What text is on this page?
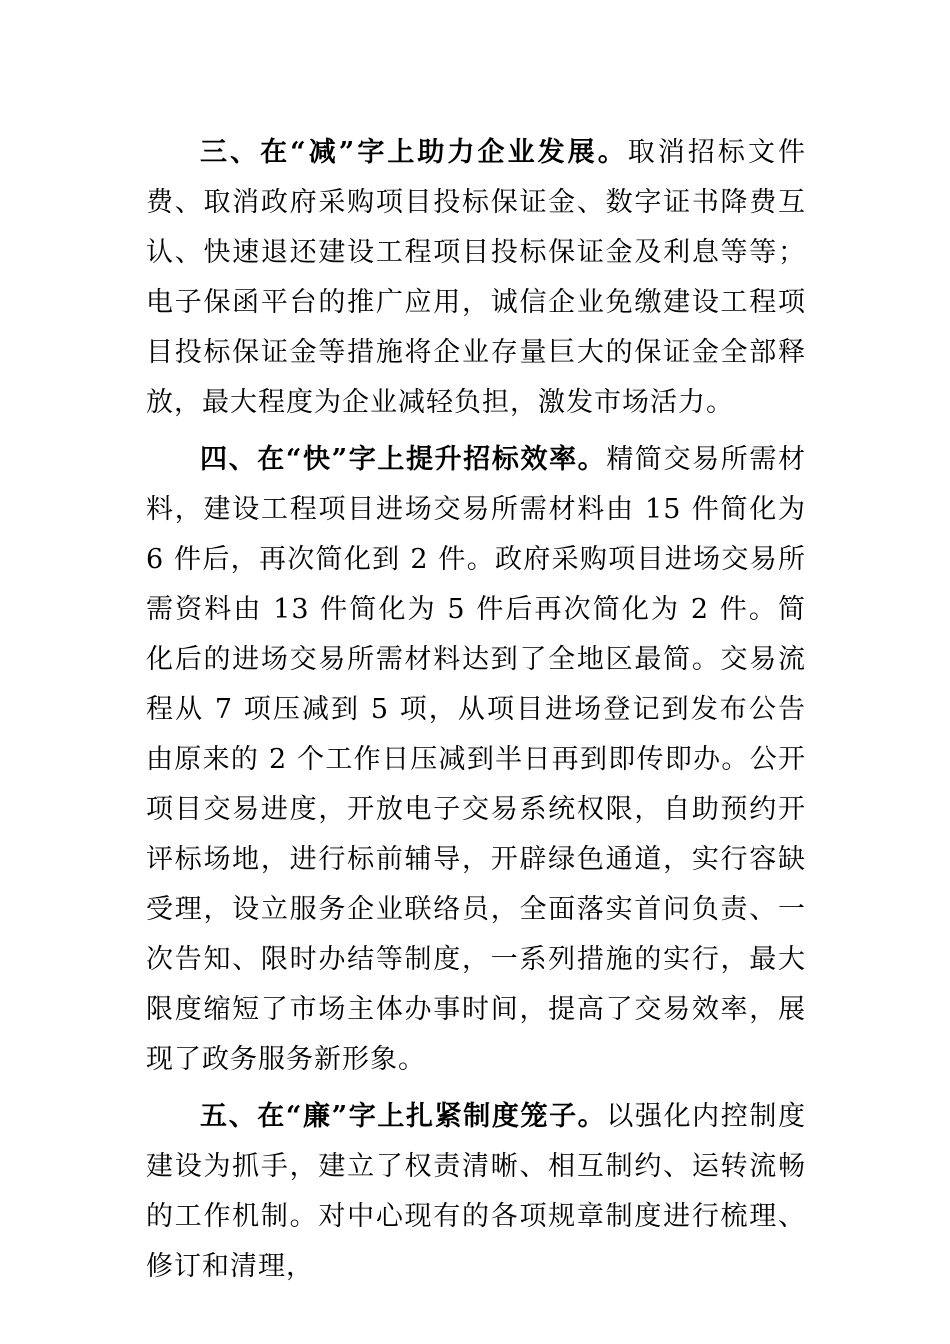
三、在“减”字上助力企业发展。取消招标文件费、取消政府采购项目投标保证金、数字证书降费互认、快速退还建设工程项目投标保证金及利息等等；电子保函平台的推广应用，诚信企业免缴建设工程项目投标保证金等措施将企业存量巨大的保证金全部释放，最大程度为企业减轻负担，激发市场活力。

四、在“快”字上提升招标效率。精简交易所需材料，建设工程项目进场交易所需材料由 15 件简化为 6 件后，再次简化到 2 件。政府采购项目进场交易所需资料由 13 件简化为 5 件后再次简化为 2 件。简化后的进场交易所需材料达到了全地区最简。交易流程从 7 项压减到 5 项，从项目进场登记到发布公告由原来的 2 个工作日压减到半日再到即传即办。公开项目交易进度，开放电子交易系统权限，自助预约开评标场地，进行标前辅导，开辟绿色通道，实行容缺受理，设立服务企业联络员，全面落实首问负责、一次告知、限时办结等制度，一系列措施的实行，最大限度缩短了市场主体办事时间，提高了交易效率，展现了政务服务新形象。

五、在“廉”字上扎紧制度笼子。以强化内控制度建设为抓手，建立了权责清晰、相互制约、运转流畅的工作机制。对中心现有的各项规章制度进行梳理、修订和清理，
